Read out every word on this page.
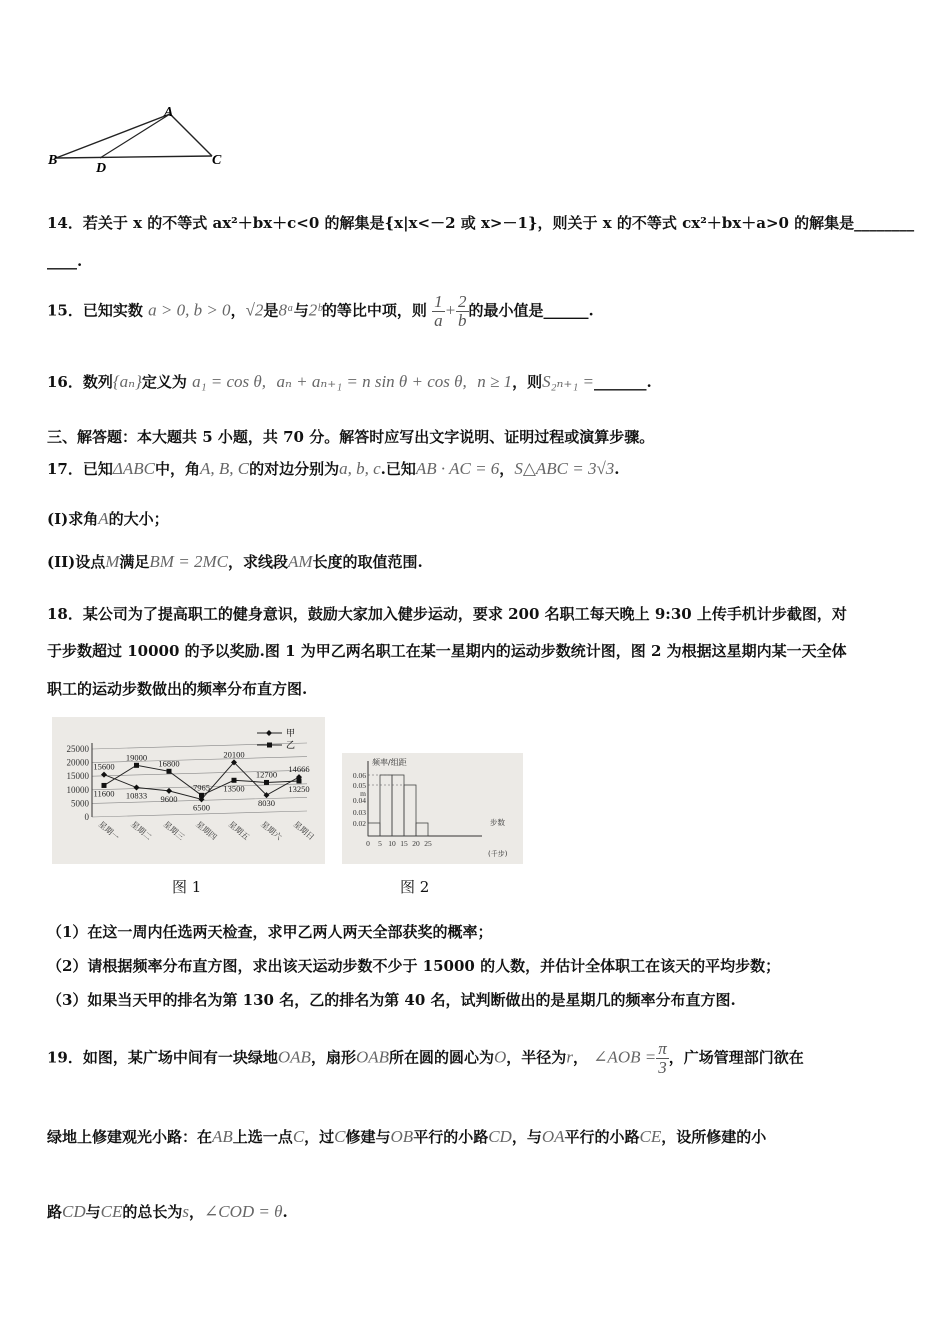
A
B	C
D
14．若关于 x 的不等式 ax²＋bx＋c<0 的解集是{x|x<－2 或 x>－1}，则关于 x 的不等式 cx²＋bx＋a>0 的解集是________
____.
15．已知实数 a > 0, b > 0，√2是8ᵃ与2ᵇ的等比中项，则 $\frac{1}{a} + \frac{2}{b}$ 的最小值是______.
16．数列{aₙ}定义为 a₁ = cos θ, aₙ + aₙ₊₁ = n sin θ + cos θ, n ≥ 1，则S₂ₙ₊₁ =_______.
三、解答题：本大题共 5 小题，共 70 分。解答时应写出文字说明、证明过程或演算步骤。
17．已知ΔABC中，角A, B, C的对边分别为a, b, c.已知AB · AC = 6，S△ABC = 3√3.
(I)求角A的大小；
(II)设点M满足BM = 2MC，求线段AM长度的取值范围.
18．某公司为了提高职工的健身意识，鼓励大家加入健步运动，要求 200 名职工每天晚上 9:30 上传手机计步截图，对
于步数超过 10000 的予以奖励.图 1 为甲乙两名职工在某一星期内的运动步数统计图，图 2 为根据这星期内某一天全体
职工的运动步数做出的频率分布直方图.
25000
20000
15000
10000
5000
0
星期一 星期二 星期三 星期四 星期五 星期六 星期日
15600
10833 9600
6500
20100
8030
14666
11600
19000
16800
7965 13500
12700
13250
甲
乙
图 1
频率/组距
0.06
0.05
m
0.04
0.03
0.02
0 5 10 15 20 25
步数
(千步)
图 2
（1）在这一周内任选两天检查，求甲乙两人两天全部获奖的概率；
（2）请根据频率分布直方图，求出该天运动步数不少于 15000 的人数，并估计全体职工在该天的平均步数；
（3）如果当天甲的排名为第 130 名，乙的排名为第 40 名，试判断做出的是星期几的频率分布直方图.
19．如图，某广场中间有一块绿地OAB，扇形OAB所在圆的圆心为O，半径为r， ∠AOB = $\frac{\pi}{3}$ ，广场管理部门欲在
绿地上修建观光小路：在AB上选一点C，过C修建与OB平行的小路CD，与OA平行的小路CE，设所修建的小
路CD与CE的总长为s，∠COD = θ.
